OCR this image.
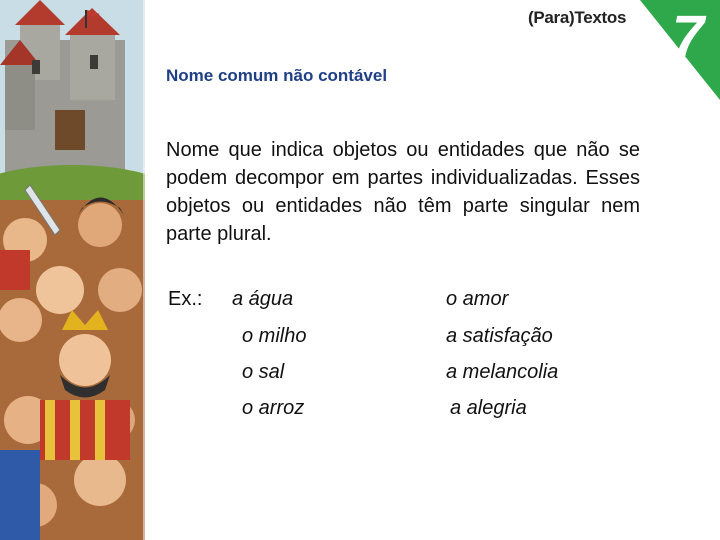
(Para)Textos 7
Nome comum não contável

Nome que indica objetos ou entidades que não se podem decompor em partes individualizadas. Esses objetos ou entidades não têm parte singular nem parte plural.

Ex.: a água
o milho
o sal
o arroz
o amor
a satisfação
a melancolia
a alegria
